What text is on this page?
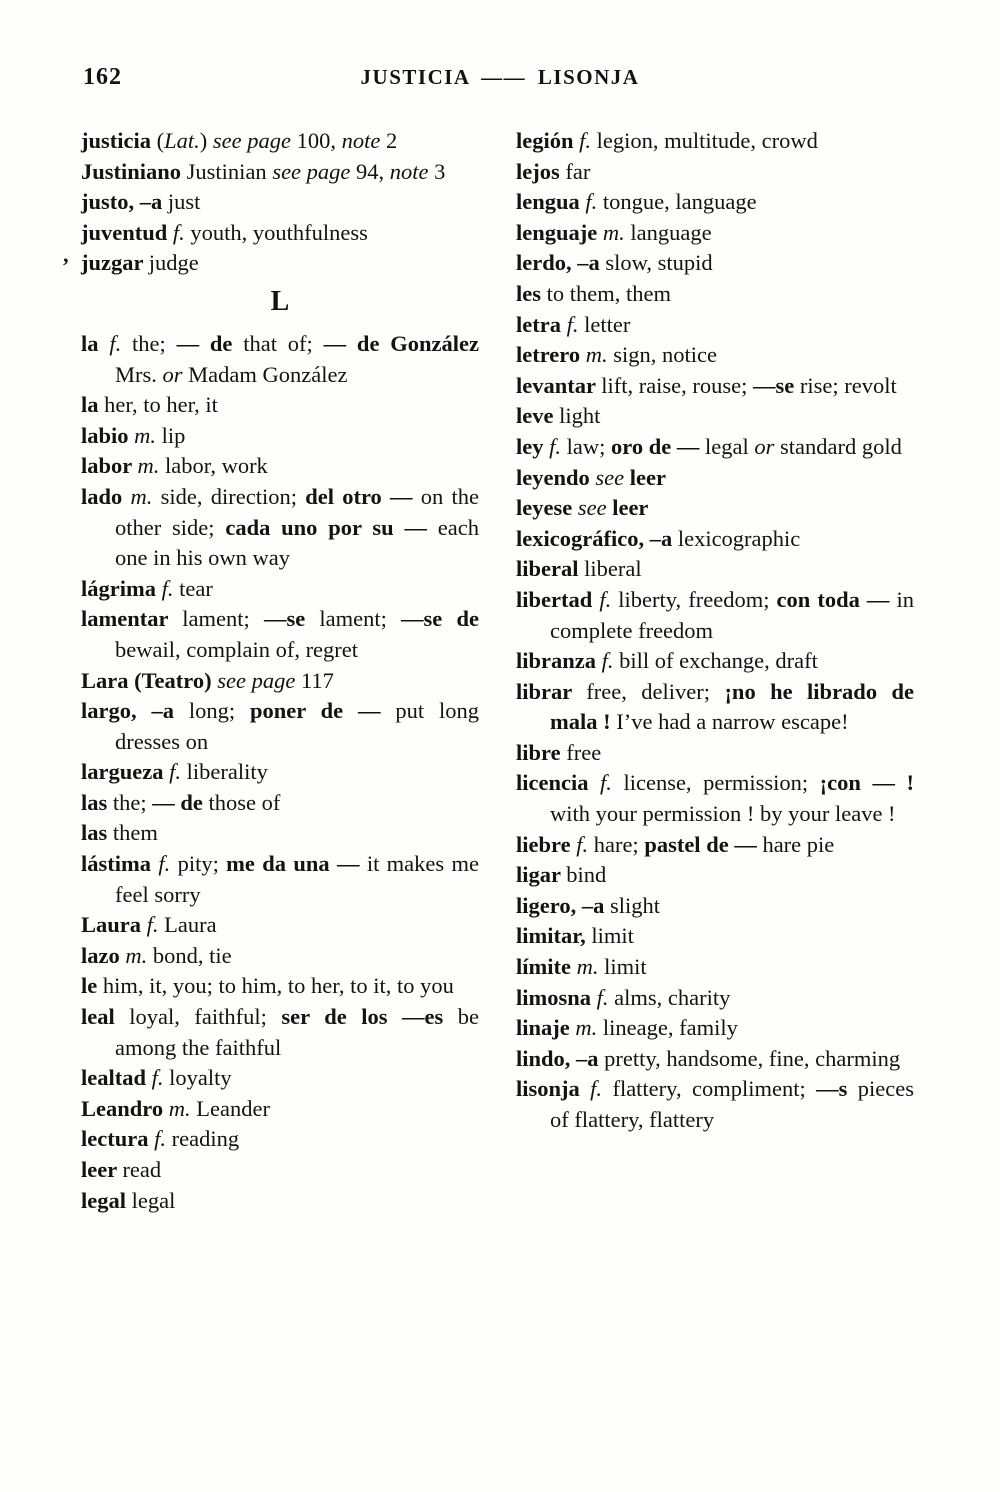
162	JUSTICIA —— LISONJA
justicia (Lat.) see page 100, note 2
Justiniano Justinian see page 94, note 3
justo, –a just
juventud f. youth, youthfulness
’ juzgar judge
L
la f. the; — de that of; — de González Mrs. or Madam González
la her, to her, it
labio m. lip
labor m. labor, work
lado m. side, direction; del otro — on the other side; cada uno por su — each one in his own way
lágrima f. tear
lamentar lament; —se lament; —se de bewail, complain of, regret
Lara (Teatro) see page 117
largo, –a long; poner de — put long dresses on
largueza f. liberality
las the; — de those of
las them
lástima f. pity; me da una — it makes me feel sorry
Laura f. Laura
lazo m. bond, tie
le him, it, you; to him, to her, to it, to you
leal loyal, faithful; ser de los —es be among the faithful
lealtad f. loyalty
Leandro m. Leander
lectura f. reading
leer read
legal legal
legión f. legion, multitude, crowd
lejos far
lengua f. tongue, language
lenguaje m. language
lerdo, –a slow, stupid
les to them, them
letra f. letter
letrero m. sign, notice
levantar lift, raise, rouse; —se rise; revolt
leve light
ley f. law; oro de — legal or standard gold
leyendo see leer
leyese see leer
lexicográfico, –a lexicographic
liberal liberal
libertad f. liberty, freedom; con toda — in complete freedom
libranza f. bill of exchange, draft
librar free, deliver; ¡no he librado de mala ! I’ve had a narrow escape!
libre free
licencia f. license, permission; ¡con — ! with your permission ! by your leave !
liebre f. hare; pastel de — hare pie
ligar bind
ligero, –a slight
limitar, limit
límite m. limit
limosna f. alms, charity
linaje m. lineage, family
lindo, –a pretty, handsome, fine, charming
lisonja f. flattery, compliment; —s pieces of flattery, flattery
